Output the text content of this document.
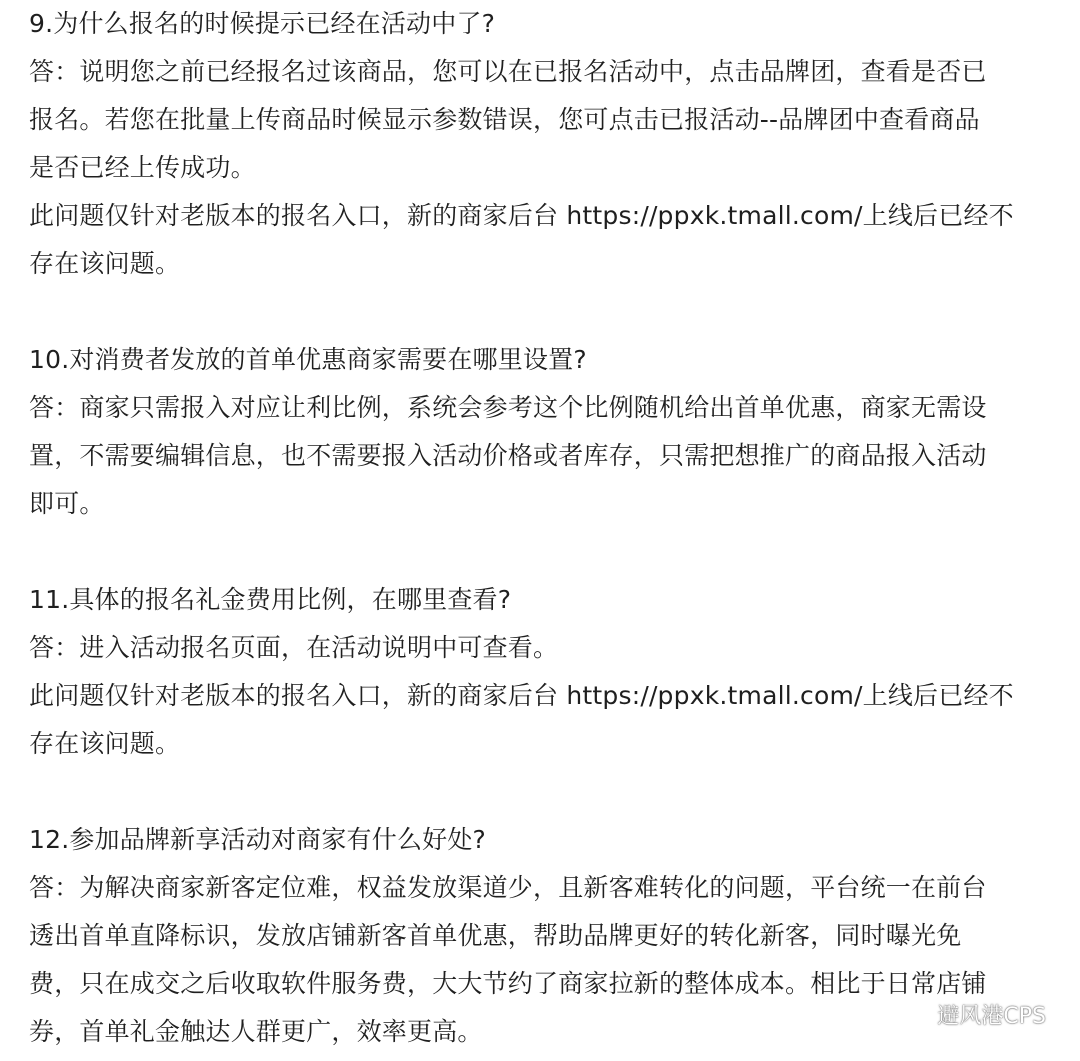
9.为什么报名的时候提示已经在活动中了?
答：说明您之前已经报名过该商品，您可以在已报名活动中，点击品牌团，查看是否已
报名。若您在批量上传商品时候显示参数错误，您可点击已报活动--品牌团中查看商品
是否已经上传成功。
此问题仅针对老版本的报名入口，新的商家后台 https://ppxk.tmall.com/上线后已经不
存在该问题。
10.对消费者发放的首单优惠商家需要在哪里设置?
答：商家只需报入对应让利比例，系统会参考这个比例随机给出首单优惠，商家无需设
置，不需要编辑信息，也不需要报入活动价格或者库存，只需把想推广的商品报入活动
即可。
11.具体的报名礼金费用比例，在哪里查看?
答：进入活动报名页面，在活动说明中可查看。
此问题仅针对老版本的报名入口，新的商家后台 https://ppxk.tmall.com/上线后已经不
存在该问题。
12.参加品牌新享活动对商家有什么好处?
答：为解决商家新客定位难，权益发放渠道少，且新客难转化的问题，平台统一在前台
透出首单直降标识，发放店铺新客首单优惠，帮助品牌更好的转化新客，同时曝光免
费，只在成交之后收取软件服务费，大大节约了商家拉新的整体成本。相比于日常店铺
券，首单礼金触达人群更广，效率更高。
避风港CPS
